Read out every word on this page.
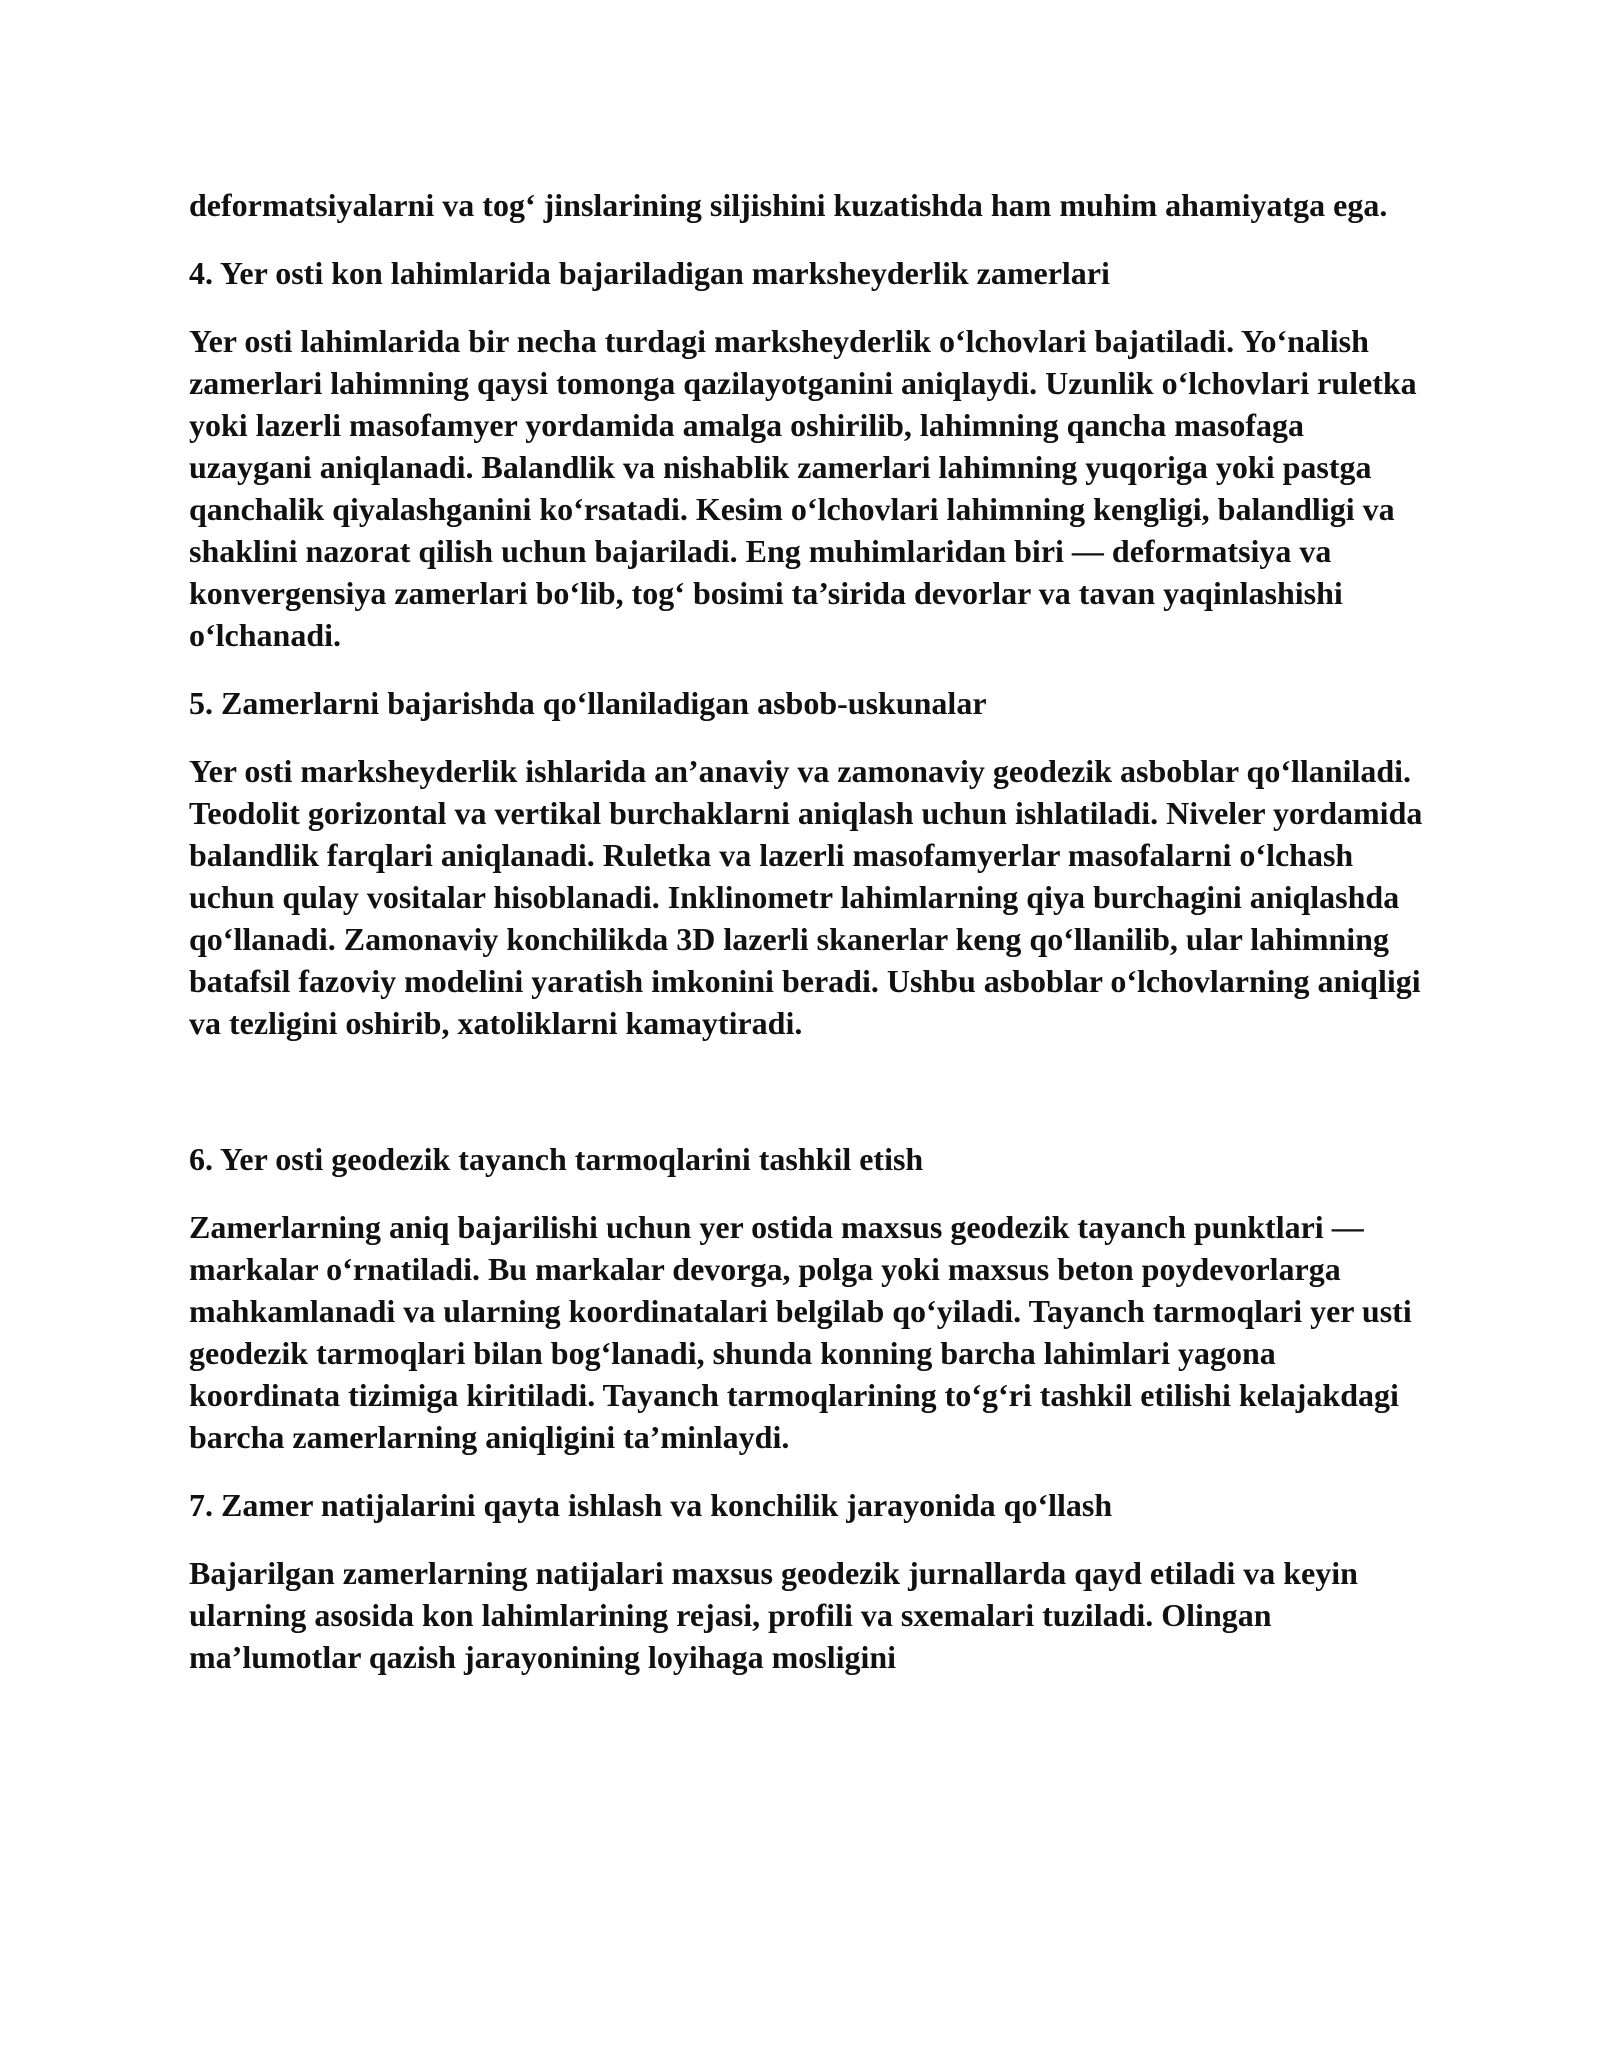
deformatsiyalarni va tog‘ jinslarining siljishini kuzatishda ham muhim ahamiyatga ega.

4. Yer osti kon lahimlarida bajariladigan marksheyderlik zamerlari

Yer osti lahimlarida bir necha turdagi marksheyderlik o‘lchovlari bajatiladi. Yo‘nalish zamerlari lahimning qaysi tomonga qazilayotganini aniqlaydi. Uzunlik o‘lchovlari ruletka yoki lazerli masofamyer yordamida amalga oshirilib, lahimning qancha masofaga uzaygani aniqlanadi. Balandlik va nishablik zamerlari lahimning yuqoriga yoki pastga qanchalik qiyalashganini ko‘rsatadi. Kesim o‘lchovlari lahimning kengligi, balandligi va shaklini nazorat qilish uchun bajariladi. Eng muhimlaridan biri — deformatsiya va konvergensiya zamerlari bo‘lib, tog‘ bosimi ta’sirida devorlar va tavan yaqinlashishi o‘lchanadi.

5. Zamerlarni bajarishda qo‘llaniladigan asbob-uskunalar

Yer osti marksheyderlik ishlarida an’anaviy va zamonaviy geodezik asboblar qo‘llaniladi. Teodolit gorizontal va vertikal burchaklarni aniqlash uchun ishlatiladi. Niveler yordamida balandlik farqlari aniqlanadi. Ruletka va lazerli masofamyerlar masofalarni o‘lchash uchun qulay vositalar hisoblanadi. Inklinometr lahimlarning qiya burchagini aniqlashda qo‘llanadi. Zamonaviy konchilikda 3D lazerli skanerlar keng qo‘llanilib, ular lahimning batafsil fazoviy modelini yaratish imkonini beradi. Ushbu asboblar o‘lchovlarning aniqligi va tezligini oshirib, xatoliklarni kamaytiradi.

6. Yer osti geodezik tayanch tarmoqlarini tashkil etish

Zamerlarning aniq bajarilishi uchun yer ostida maxsus geodezik tayanch punktlari — markalar o‘rnatiladi. Bu markalar devorga, polga yoki maxsus beton poydevorlarga mahkamlanadi va ularning koordinatalari belgilab qo‘yiladi. Tayanch tarmoqlari yer usti geodezik tarmoqlari bilan bog‘lanadi, shunda konning barcha lahimlari yagona koordinata tizimiga kiritiladi. Tayanch tarmoqlarining to‘g‘ri tashkil etilishi kelajakdagi barcha zamerlarning aniqligini ta’minlaydi.

7. Zamer natijalarini qayta ishlash va konchilik jarayonida qo‘llash

Bajarilgan zamerlarning natijalari maxsus geodezik jurnallarda qayd etiladi va keyin ularning asosida kon lahimlarining rejasi, profili va sxemalari tuziladi. Olingan ma’lumotlar qazish jarayonining loyihaga mosligini
